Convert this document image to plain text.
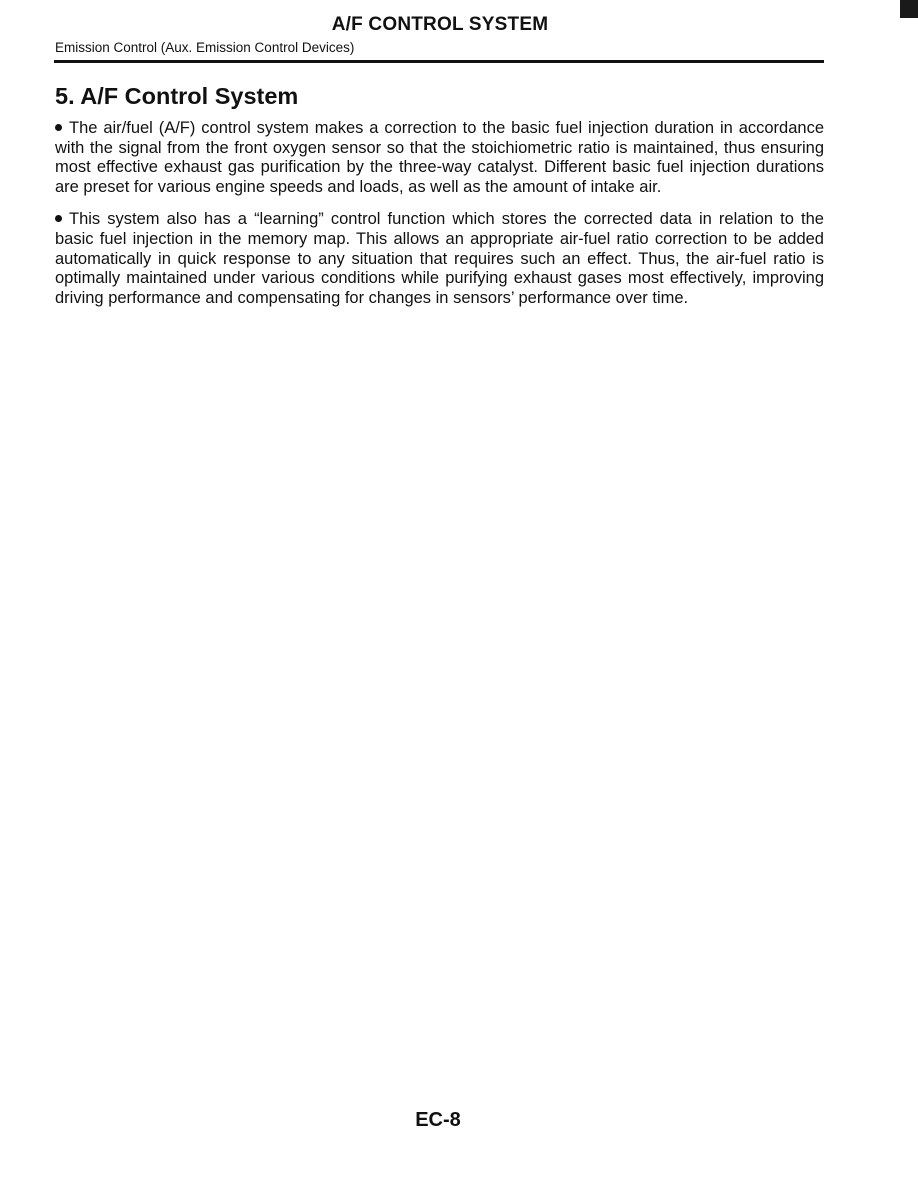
A/F CONTROL SYSTEM
Emission Control (Aux. Emission Control Devices)
5. A/F Control System

The air/fuel (A/F) control system makes a correction to the basic fuel injection duration in accordance with the signal from the front oxygen sensor so that the stoichiometric ratio is maintained, thus ensuring most effective exhaust gas purification by the three-way catalyst. Different basic fuel injection durations are preset for various engine speeds and loads, as well as the amount of intake air.

This system also has a “learning” control function which stores the corrected data in relation to the basic fuel injection in the memory map. This allows an appropriate air-fuel ratio correction to be added automatically in quick response to any situation that requires such an effect. Thus, the air-fuel ratio is optimally maintained under various conditions while purifying exhaust gases most effectively, improving driving performance and compensating for changes in sensors’ performance over time.

EC-8
